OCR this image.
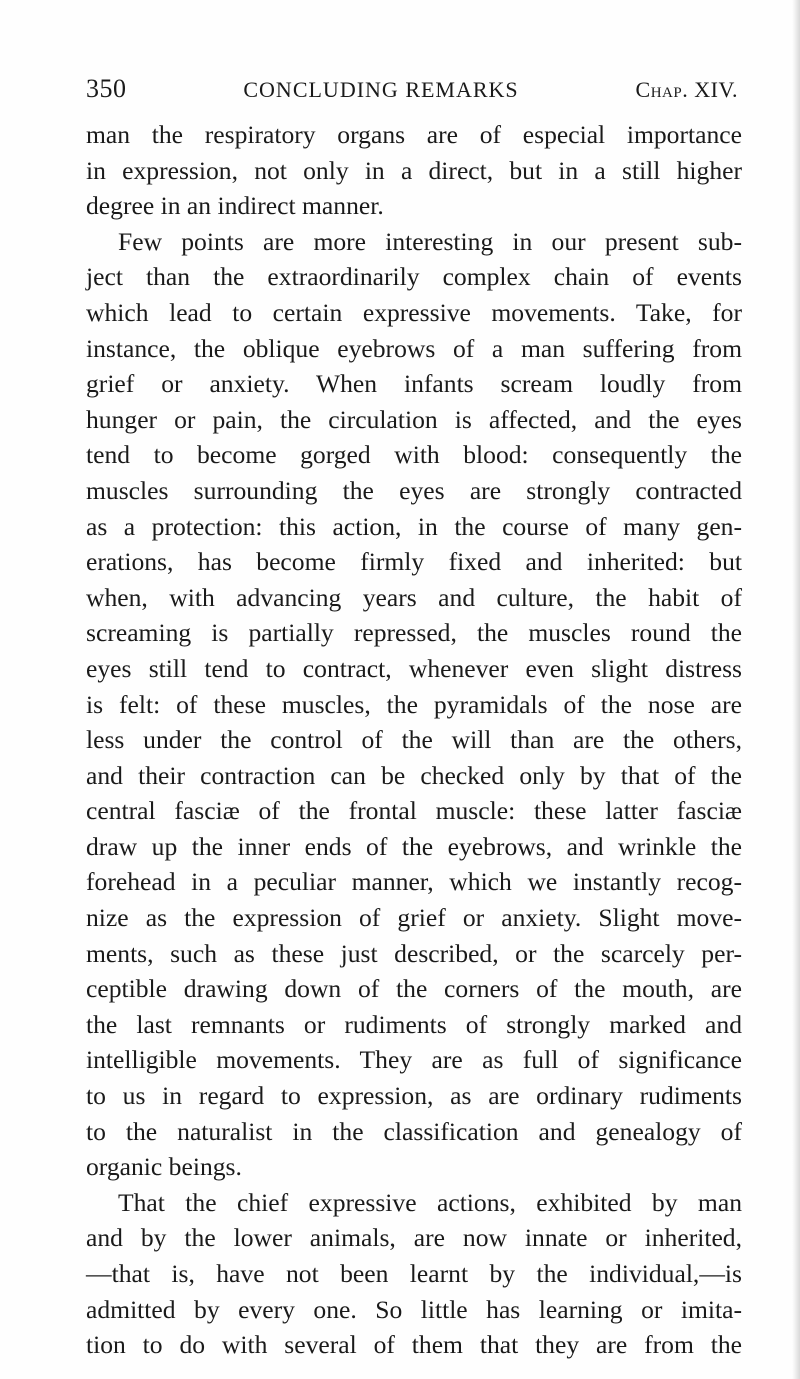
350	CONCLUDING REMARKS	Chap. XIV.
man the respiratory organs are of especial importance
in expression, not only in a direct, but in a still higher
degree in an indirect manner.
Few points are more interesting in our present sub-
ject than the extraordinarily complex chain of events
which lead to certain expressive movements. Take, for
instance, the oblique eyebrows of a man suffering from
grief or anxiety. When infants scream loudly from
hunger or pain, the circulation is affected, and the eyes
tend to become gorged with blood: consequently the
muscles surrounding the eyes are strongly contracted
as a protection: this action, in the course of many gen-
erations, has become firmly fixed and inherited: but
when, with advancing years and culture, the habit of
screaming is partially repressed, the muscles round the
eyes still tend to contract, whenever even slight distress
is felt: of these muscles, the pyramidals of the nose are
less under the control of the will than are the others,
and their contraction can be checked only by that of the
central fasciæ of the frontal muscle: these latter fasciæ
draw up the inner ends of the eyebrows, and wrinkle the
forehead in a peculiar manner, which we instantly recog-
nize as the expression of grief or anxiety. Slight move-
ments, such as these just described, or the scarcely per-
ceptible drawing down of the corners of the mouth, are
the last remnants or rudiments of strongly marked and
intelligible movements. They are as full of significance
to us in regard to expression, as are ordinary rudiments
to the naturalist in the classification and genealogy of
organic beings.
That the chief expressive actions, exhibited by man
and by the lower animals, are now innate or inherited,
—that is, have not been learnt by the individual,—is
admitted by every one. So little has learning or imita-
tion to do with several of them that they are from the
